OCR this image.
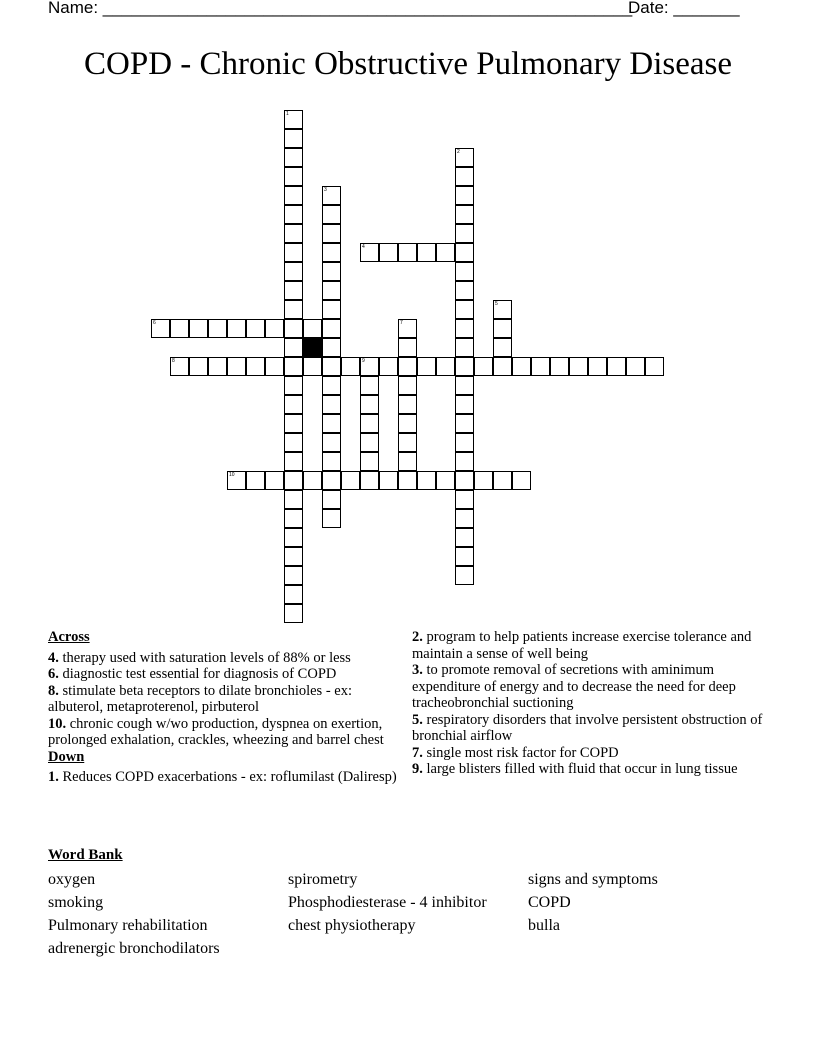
Name: ________________________________________________________
Date: _______
COPD - Chronic Obstructive Pulmonary Disease
1
2
3
4
5
6	7
8	9
10
Across
4. therapy used with saturation levels of 88% or less
6. diagnostic test essential for diagnosis of COPD
8. stimulate beta receptors to dilate bronchioles - ex: albuterol, metaproterenol, pirbuterol
10. chronic cough w/wo production, dyspnea on exertion, prolonged exhalation, crackles, wheezing and barrel chest
Down
1. Reduces COPD exacerbations - ex: roflumilast (Daliresp)
2. program to help patients increase exercise tolerance and maintain a sense of well being
3. to promote removal of secretions with aminimum expenditure of energy and to decrease the need for deep tracheobronchial suctioning
5. respiratory disorders that involve persistent obstruction of bronchial airflow
7. single most risk factor for COPD
9. large blisters filled with fluid that occur in lung tissue
Word Bank
oxygen
smoking
Pulmonary rehabilitation
adrenergic bronchodilators
spirometry
Phosphodiesterase - 4 inhibitor
chest physiotherapy
signs and symptoms
COPD
bulla
